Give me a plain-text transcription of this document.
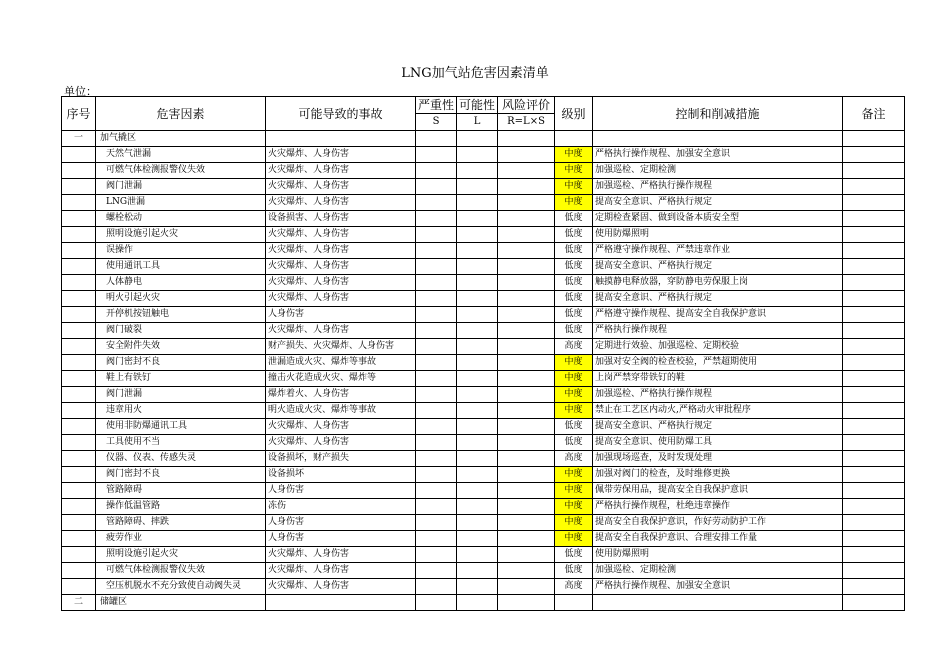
LNG加气站危害因素清单
单位：
序号	危害因素	可能导致的事故	严重性	可能性	风险评价	级别	控制和削减措施	备注
			S	L	R=L×S			
一	加气撬区							
	天然气泄漏	火灾爆炸、人身伤害				中度	严格执行操作规程、加强安全意识	
	可燃气体检测报警仪失效	火灾爆炸、人身伤害				中度	加强巡检、定期检测	
	阀门泄漏	火灾爆炸、人身伤害				中度	加强巡检、严格执行操作规程	
	LNG泄漏	火灾爆炸、人身伤害				中度	提高安全意识、严格执行规定	
	螺栓松动	设备损害、人身伤害				低度	定期检查紧固、做到设备本质安全型	
	照明设施引起火灾	火灾爆炸、人身伤害				低度	使用防爆照明	
	误操作	火灾爆炸、人身伤害				低度	严格遵守操作规程、严禁违章作业	
	使用通讯工具	火灾爆炸、人身伤害				低度	提高安全意识、严格执行规定	
	人体静电	火灾爆炸、人身伤害				低度	触摸静电释放器，穿防静电劳保服上岗	
	明火引起火灾	火灾爆炸、人身伤害				低度	提高安全意识、严格执行规定	
	开停机按钮触电	人身伤害				低度	严格遵守操作规程、提高安全自我保护意识	
	阀门破裂	火灾爆炸、人身伤害				低度	严格执行操作规程	
	安全附件失效	财产损失、火灾爆炸、人身伤害				高度	定期进行效验、加强巡检、定期校验	
	阀门密封不良	泄漏造成火灾、爆炸等事故				中度	加强对安全阀的检查校验，严禁超期使用	
	鞋上有铁钉	撞击火花造成火灾、爆炸等				中度	上岗严禁穿带铁钉的鞋	
	阀门泄漏	爆炸着火、人身伤害				中度	加强巡检、严格执行操作规程	
	违章用火	明火造成火灾、爆炸等事故				中度	禁止在工艺区内动火,严格动火审批程序	
	使用非防爆通讯工具	火灾爆炸、人身伤害				低度	提高安全意识、严格执行规定	
	工具使用不当	火灾爆炸、人身伤害				低度	提高安全意识、使用防爆工具	
	仪器、仪表、传感失灵	设备损坏，财产损失				高度	加强现场巡查，及时发现处理	
	阀门密封不良	设备损坏				中度	加强对阀门的检查，及时维修更换	
	管路障碍	人身伤害				中度	佩带劳保用品，提高安全自我保护意识	
	操作低温管路	冻伤				中度	严格执行操作规程，杜绝违章操作	
	管路障碍、摔跌	人身伤害				中度	提高安全自我保护意识，作好劳动防护工作	
	疲劳作业	人身伤害				中度	提高安全自我保护意识、合理安排工作量	
	照明设施引起火灾	火灾爆炸、人身伤害				低度	使用防爆照明	
	可燃气体检测报警仪失效	火灾爆炸、人身伤害				低度	加强巡检、定期检测	
	空压机脱水不充分致使自动阀失灵	火灾爆炸、人身伤害				高度	严格执行操作规程、加强安全意识	
二	储罐区							
